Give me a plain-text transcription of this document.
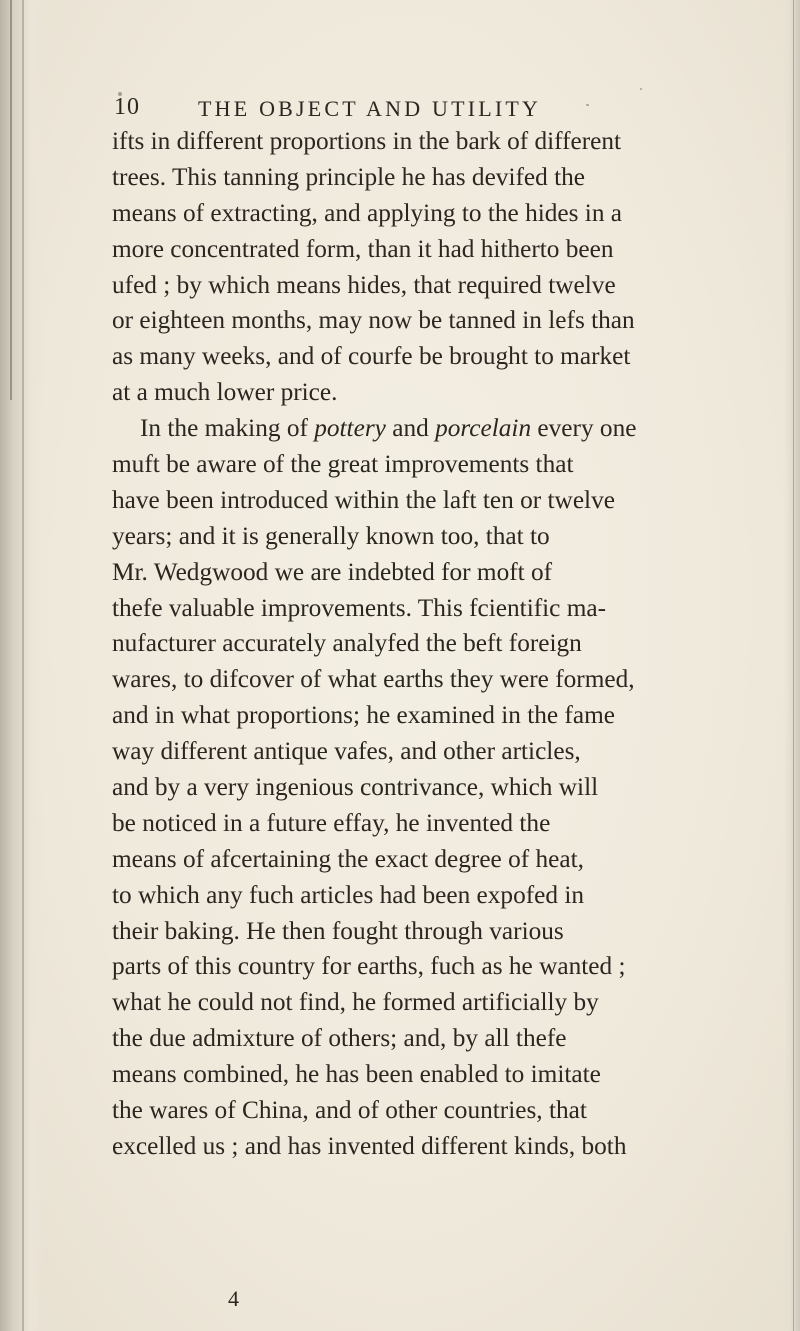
10	THE OBJECT AND UTILITY
ifts in different proportions in the bark of different
trees. This tanning principle he has devifed the
means of extracting, and applying to the hides in a
more concentrated form, than it had hitherto been
ufed ; by which means hides, that required twelve
or eighteen months, may now be tanned in lefs than
as many weeks, and of courfe be brought to market
at a much lower price.
In the making of pottery and porcelain every one
muft be aware of the great improvements that
have been introduced within the laft ten or twelve
years; and it is generally known too, that to
Mr. Wedgwood we are indebted for moft of
thefe valuable improvements. This fcientific ma-
nufacturer accurately analyfed the beft foreign
wares, to difcover of what earths they were formed,
and in what proportions; he examined in the fame
way different antique vafes, and other articles,
and by a very ingenious contrivance, which will
be noticed in a future effay, he invented the
means of afcertaining the exact degree of heat,
to which any fuch articles had been expofed in
their baking. He then fought through various
parts of this country for earths, fuch as he wanted ;
what he could not find, he formed artificially by
the due admixture of others; and, by all thefe
means combined, he has been enabled to imitate
the wares of China, and of other countries, that
excelled us ; and has invented different kinds, both
4
